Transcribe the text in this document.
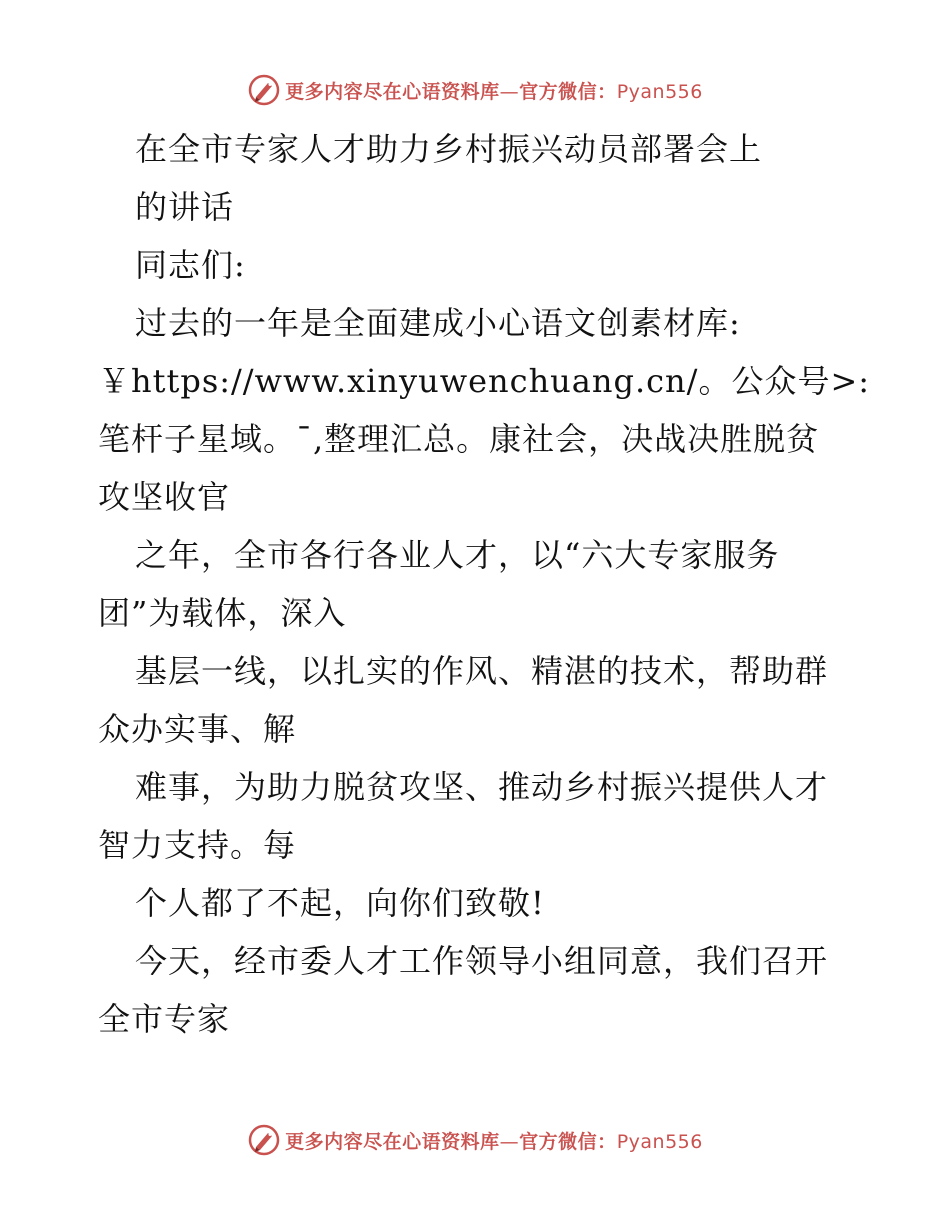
更多内容尽在心语资料库—官方微信：Pyan556
在全市专家人才助力乡村振兴动员部署会上
的讲话
同志们:
过去的一年是全面建成小心语文创素材库:
￥https://www.xinyuwenchuang.cn/。公众号>:
笔杆子星域。¯,整理汇总。康社会，决战决胜脱贫
攻坚收官
之年，全市各行各业人才，以“六大专家服务
团”为载体，深入
基层一线，以扎实的作风、精湛的技术，帮助群
众办实事、解
难事，为助力脱贫攻坚、推动乡村振兴提供人才
智力支持。每
个人都了不起，向你们致敬!
今天，经市委人才工作领导小组同意，我们召开
全市专家
更多内容尽在心语资料库—官方微信：Pyan556
